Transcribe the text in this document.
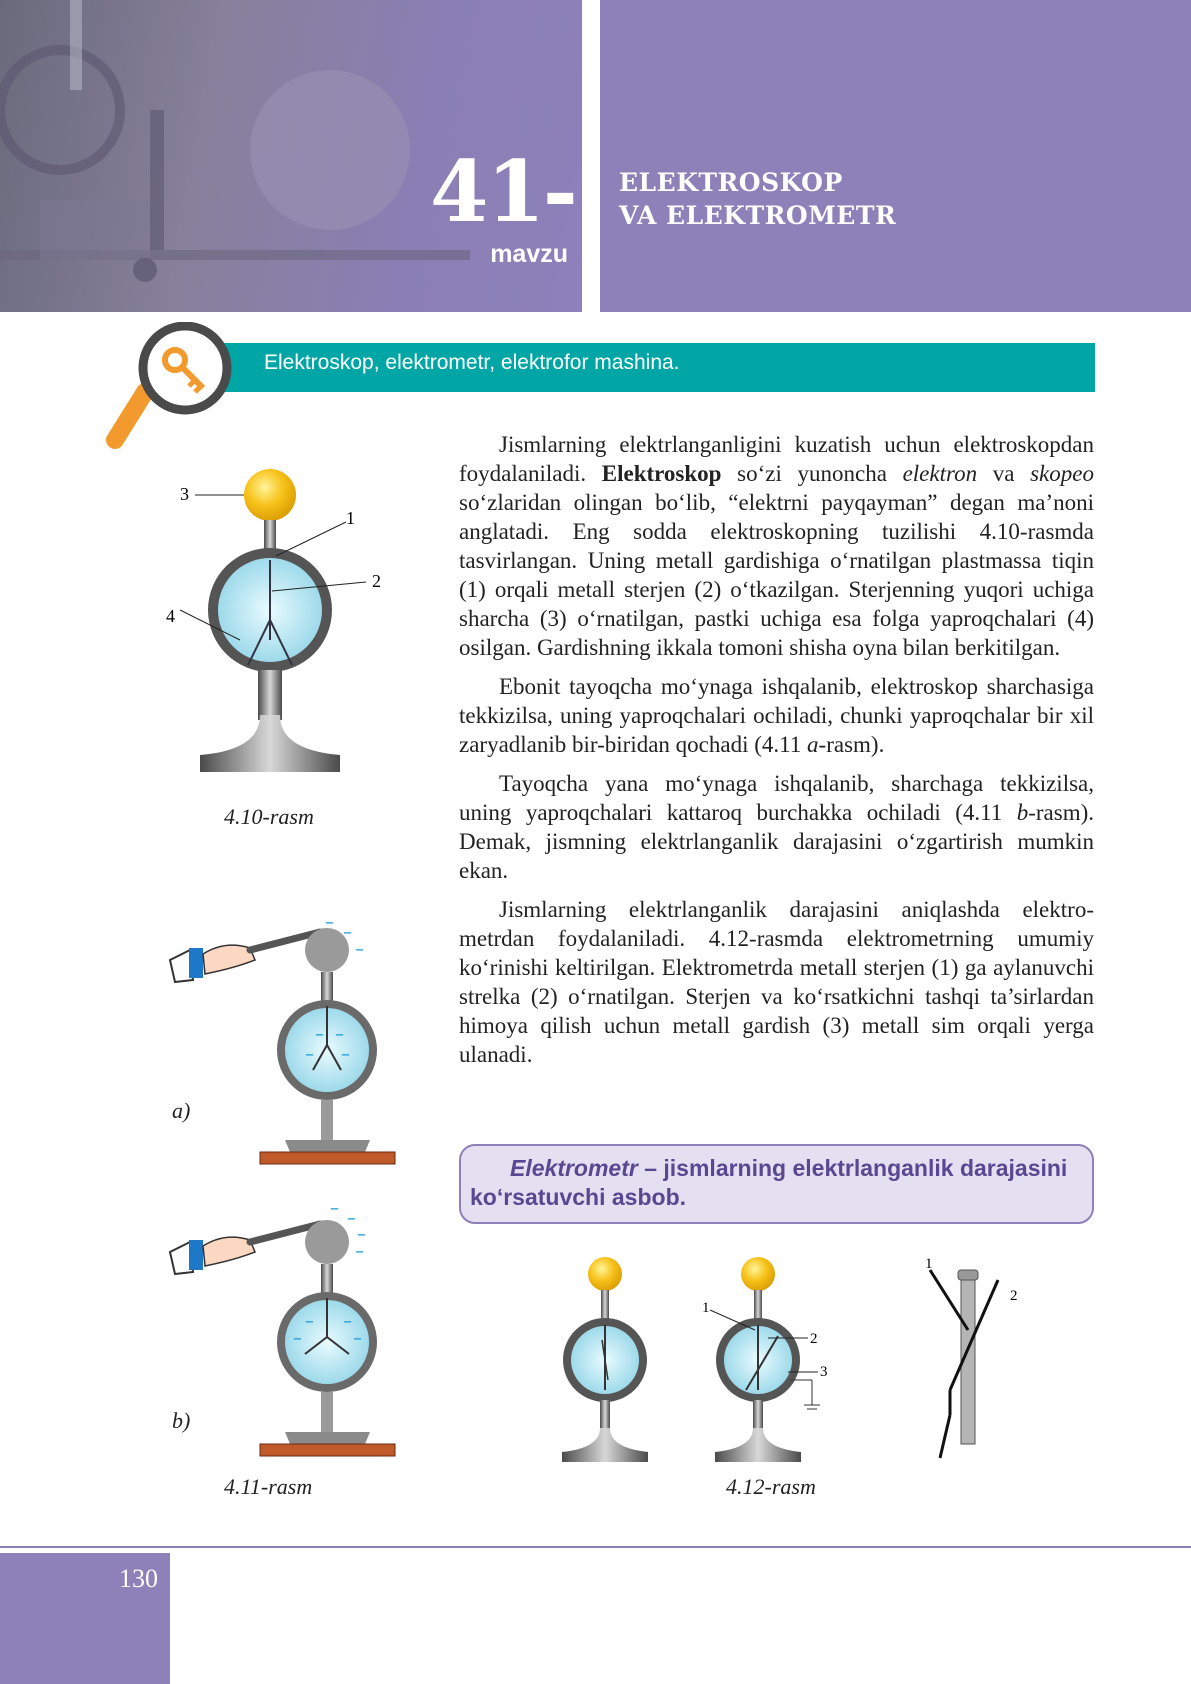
41-
mavzu
ELEKTROSKOP
VA ELEKTROMETR
Elektroskop, elektrometr, elektrofor mashina.

Jismlarning elektrlanganligini kuzatish uchun elektroskopdan foydalaniladi. Elektroskop so‘zi yunoncha elektron va skopeo so‘zlaridan olingan bo‘lib, “elektrni payqayman” degan ma’noni anglatadi. Eng sodda elektroskopning tuzilishi 4.10-rasmda tasvirlangan. Uning metall gardishiga o‘rnatilgan plastmassa tiqin (1) orqali metall sterjen (2) o‘tkazilgan. Sterjenning yuqori uchiga sharcha (3) o‘rnatilgan, pastki uchiga esa folga yaproqchalari (4) osilgan. Gardishning ikkala tomoni shisha oyna bilan berkitilgan.

Ebonit tayoqcha mo‘ynaga ishqalanib, elektroskop sharchasiga tekkizilsa, uning yaproqchalari ochiladi, chunki yaproqchalar bir xil zaryadlanib bir-biridan qochadi (4.11 a-rasm).

Tayoqcha yana mo‘ynaga ishqalanib, sharchaga tekkizilsa, uning yaproqchalari kattaroq burchakka ochiladi (4.11 b-rasm). Demak, jismning elektrlanganlik darajasini o‘zgartirish mumkin ekan.

Jismlarning elektrlanganlik darajasini aniqlashda elektrometrdan foydalaniladi. 4.12-rasmda elektrometrning umumiy ko‘rinishi keltirilgan. Elektrometrda metall sterjen (1) ga aylanuvchi strelka (2) o‘rnatilgan. Sterjen va ko‘rsatkichni tashqi ta’sirlardan himoya qilish uchun metall gardish (3) metall sim orqali yerga ulanadi.

Elektrometr – jismlarning elektrlanganlik darajasini ko‘rsatuvchi asbob.
3
1
2
4
4.10-rasm
– –
–
– –
– –
a)
– –
–
–
– –
–	–
b)
4.11-rasm
1
2
3
1
2
4.12-rasm
130
